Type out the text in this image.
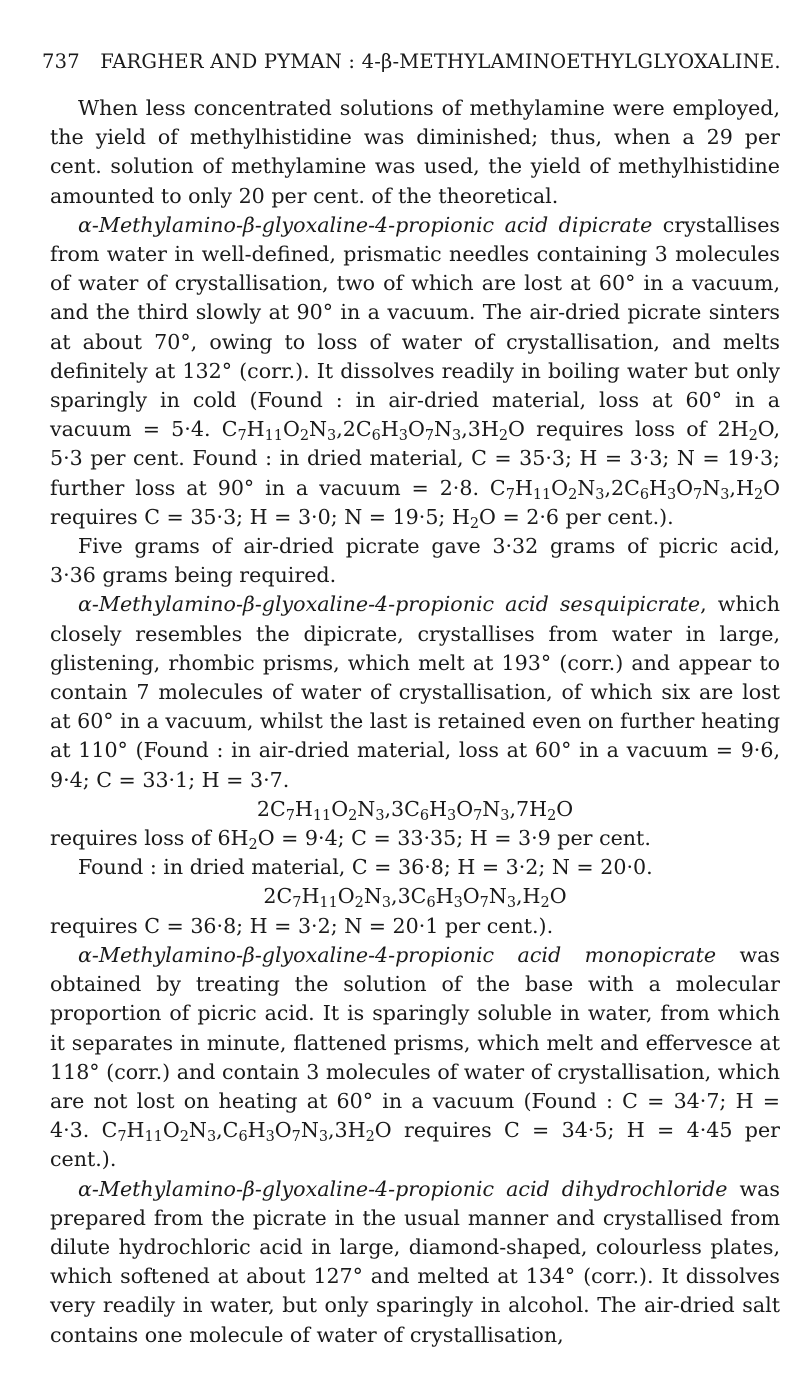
737 FARGHER AND PYMAN : 4-β-METHYLAMINOETHYLGLYOXALINE.

When less concentrated solutions of methylamine were employed, the yield of methylhistidine was diminished; thus, when a 29 per cent. solution of methylamine was used, the yield of methylhistidine amounted to only 20 per cent. of the theoretical.

α-Methylamino-β-glyoxaline-4-propionic acid dipicrate crystallises from water in well-defined, prismatic needles containing 3 molecules of water of crystallisation, two of which are lost at 60° in a vacuum, and the third slowly at 90° in a vacuum. The air-dried picrate sinters at about 70°, owing to loss of water of crystallisation, and melts definitely at 132° (corr.). It dissolves readily in boiling water but only sparingly in cold (Found : in air-dried material, loss at 60° in a vacuum = 5·4. $C_7H_{11}O_2N_3,2C_6H_3O_7N_3,3H_2O$ requires loss of $2H_2O$, 5·3 per cent. Found : in dried material, C = 35·3; H = 3·3; N = 19·3; further loss at 90° in a vacuum = 2·8. $C_7H_{11}O_2N_3,2C_6H_3O_7N_3,H_2O$ requires C = 35·3; H = 3·0; N = 19·5; $H_2O = 2\cdot 6$ per cent.).

Five grams of air-dried picrate gave 3·32 grams of picric acid, 3·36 grams being required.

α-Methylamino-β-glyoxaline-4-propionic acid sesquipicrate, which closely resembles the dipicrate, crystallises from water in large, glistening, rhombic prisms, which melt at 193° (corr.) and appear to contain 7 molecules of water of crystallisation, of which six are lost at 60° in a vacuum, whilst the last is retained even on further heating at 110° (Found : in air-dried material, loss at 60° in a vacuum = 9·6, 9·4; C = 33·1; H = 3·7.

$2C_7H_{11}O_2N_3,3C_6H_3O_7N_3,7H_2O$

requires loss of $6H_2O = 9\cdot 4$; C = 33·35; H = 3·9 per cent.

Found : in dried material, C = 36·8; H = 3·2; N = 20·0.

$2C_7H_{11}O_2N_3,3C_6H_3O_7N_3,H_2O$

requires C = 36·8; H = 3·2; N = 20·1 per cent.).

α-Methylamino-β-glyoxaline-4-propionic acid monopicrate was obtained by treating the solution of the base with a molecular proportion of picric acid. It is sparingly soluble in water, from which it separates in minute, flattened prisms, which melt and effervesce at 118° (corr.) and contain 3 molecules of water of crystallisation, which are not lost on heating at 60° in a vacuum (Found : C = 34·7; H = 4·3. $C_7H_{11}O_2N_3,C_6H_3O_7N_3,3H_2O$ requires C = 34·5; H = 4·45 per cent.).

α-Methylamino-β-glyoxaline-4-propionic acid dihydrochloride was prepared from the picrate in the usual manner and crystallised from dilute hydrochloric acid in large, diamond-shaped, colourless plates, which softened at about 127° and melted at 134° (corr.). It dissolves very readily in water, but only sparingly in alcohol. The air-dried salt contains one molecule of water of crystallisation,
